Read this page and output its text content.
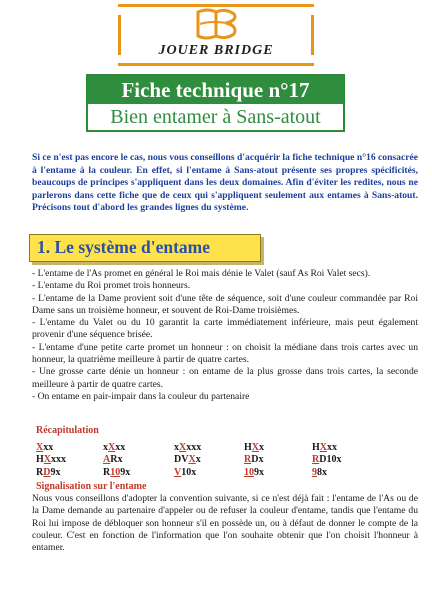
JOUER BRIDGE
Fiche technique n°17
Bien entamer à Sans-atout
Si ce n'est pas encore le cas, nous vous conseillons d'acquérir la fiche technique n°16 consacrée à l'entame à la couleur. En effet, si l'entame à Sans-atout présente ses propres spécificités, beaucoups de principes s'appliquent dans les deux domaines. Afin d'éviter les redites, nous ne parlerons dans cette fiche que de ceux qui s'appliquent seulement aux entames à Sans-atout. Précisons tout d'abord les grandes lignes du système.
1. Le système d'entame

- L'entame de l'As promet en général le Roi mais dénie le Valet (sauf As Roi Valet secs).

- L'entame du Roi promet trois honneurs.

- L'entame de la Dame provient soit d'une tête de séquence, soit d'une couleur commandée par Roi Dame sans un troisième honneur, et souvent de Roi-Dame troisièmes.

- L'entame du Valet ou du 10 garantit la carte immédiatement inférieure, mais peut également provenir d'une séquence brisée.

- L'entame d'une petite carte promet un honneur : on choisit la médiane dans trois cartes avec un honneur, la quatrième meilleure à partir de quatre cartes.

- Une grosse carte dénie un honneur : on entame de la plus grosse dans trois cartes, la seconde meilleure à partir de quatre cartes.

- On entame en pair-impair dans la couleur du partenaire

Récapitulation
Xxx	xXxx	xXxxx	HXx	HXxx
HXxxx	ARx	DVXx	RDx	RD10x
RD9x	R109x	V10x	109x	98x
Signalisation sur l'entame
Nous vous conseillons d'adopter la convention suivante, si ce n'est déjà fait : l'entame de l'As ou de la Dame demande au partenaire d'appeler ou de refuser la couleur d'entame, tandis que l'entame du Roi lui impose de débloquer son honneur s'il en possède un, ou à défaut de donner le compte de la couleur. C'est en fonction de l'information que l'on souhaite obtenir que l'on choisit l'honneur à entamer.
